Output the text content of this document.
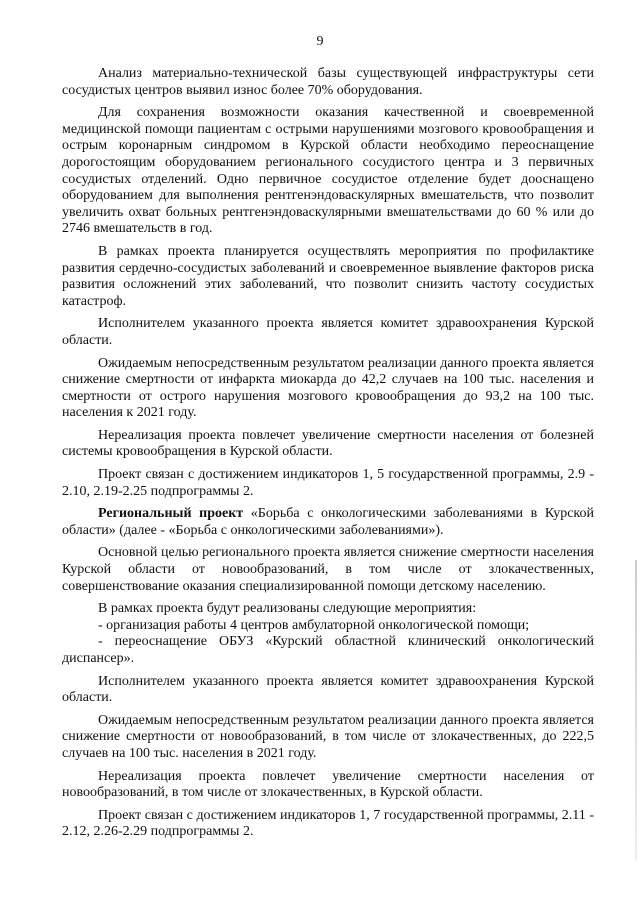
9

Анализ материально-технической базы существующей инфраструктуры сети сосудистых центров выявил износ более 70% оборудования.

Для сохранения возможности оказания качественной и своевременной медицинской помощи пациентам с острыми нарушениями мозгового кровообращения и острым коронарным синдромом в Курской области необходимо переоснащение дорогостоящим оборудованием регионального сосудистого центра и 3 первичных сосудистых отделений. Одно первичное сосудистое отделение будет дооснащено оборудованием для выполнения рентгенэндоваскулярных вмешательств, что позволит увеличить охват больных рентгенэндоваскулярными вмешательствами до 60 % или до 2746 вмешательств в год.

В рамках проекта планируется осуществлять мероприятия по профилактике развития сердечно-сосудистых заболеваний и своевременное выявление факторов риска развития осложнений этих заболеваний, что позволит снизить частоту сосудистых катастроф.

Исполнителем указанного проекта является комитет здравоохранения Курской области.

Ожидаемым непосредственным результатом реализации данного проекта является снижение смертности от инфаркта миокарда до 42,2 случаев на 100 тыс. населения и смертности от острого нарушения мозгового кровообращения до 93,2 на 100 тыс. населения к 2021 году.

Нереализация проекта повлечет увеличение смертности населения от болезней системы кровообращения в Курской области.

Проект связан с достижением индикаторов 1, 5 государственной программы, 2.9 - 2.10, 2.19-2.25 подпрограммы 2.

Региональный проект «Борьба с онкологическими заболеваниями в Курской области» (далее - «Борьба с онкологическими заболеваниями»).

Основной целью регионального проекта является снижение смертности населения Курской области от новообразований, в том числе от злокачественных, совершенствование оказания специализированной помощи детскому населению.

В рамках проекта будут реализованы следующие мероприятия:

- организация работы 4 центров амбулаторной онкологической помощи;

- переоснащение ОБУЗ «Курский областной клинический онкологический диспансер».

Исполнителем указанного проекта является комитет здравоохранения Курской области.

Ожидаемым непосредственным результатом реализации данного проекта является снижение смертности от новообразований, в том числе от злокачественных, до 222,5 случаев на 100 тыс. населения в 2021 году.

Нереализация проекта повлечет увеличение смертности населения от новообразований, в том числе от злокачественных, в Курской области.

Проект связан с достижением индикаторов 1, 7 государственной программы, 2.11 - 2.12, 2.26-2.29 подпрограммы 2.
